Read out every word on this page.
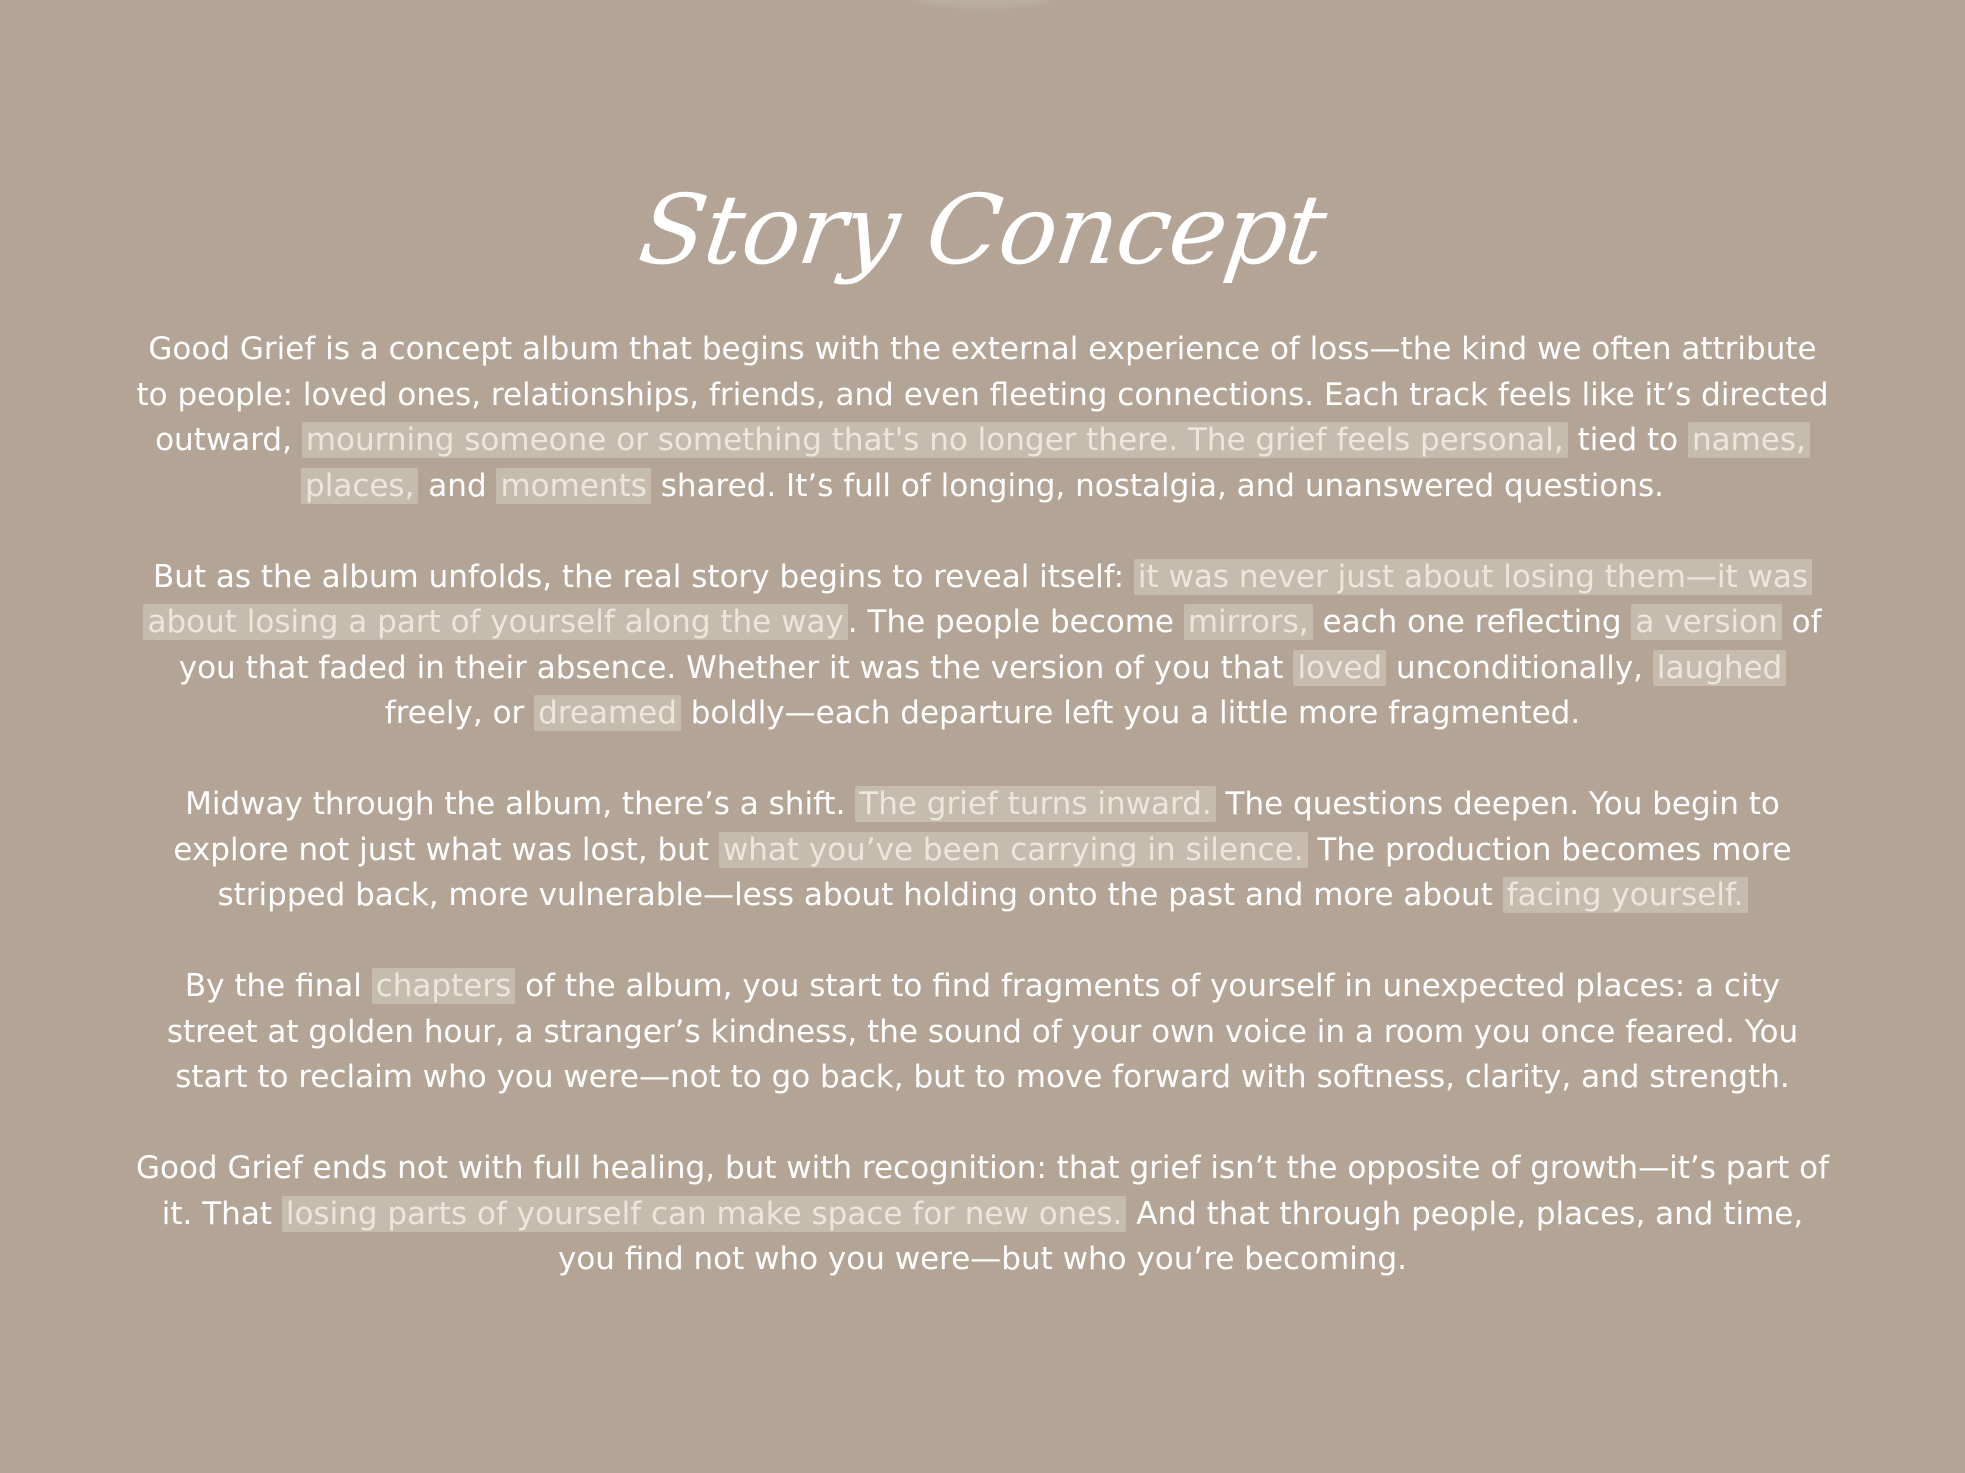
Story Concept

Good Grief is a concept album that begins with the external experience of loss—the kind we often attribute to people: loved ones, relationships, friends, and even fleeting connections. Each track feels like it’s directed outward, mourning someone or something that's no longer there. The grief feels personal, tied to names, places, and moments shared. It’s full of longing, nostalgia, and unanswered questions.

But as the album unfolds, the real story begins to reveal itself: it was never just about losing them—it was about losing a part of yourself along the way . The people become mirrors, each one reflecting a version of you that faded in their absence. Whether it was the version of you that loved unconditionally, laughed freely, or dreamed boldly—each departure left you a little more fragmented.

Midway through the album, there’s a shift. The grief turns inward. The questions deepen. You begin to explore not just what was lost, but what you’ve been carrying in silence. The production becomes more stripped back, more vulnerable—less about holding onto the past and more about facing yourself.

By the final chapters of the album, you start to find fragments of yourself in unexpected places: a city street at golden hour, a stranger’s kindness, the sound of your own voice in a room you once feared. You start to reclaim who you were—not to go back, but to move forward with softness, clarity, and strength.

Good Grief ends not with full healing, but with recognition: that grief isn’t the opposite of growth—it’s part of it. That losing parts of yourself can make space for new ones. And that through people, places, and time, you find not who you were—but who you’re becoming.
